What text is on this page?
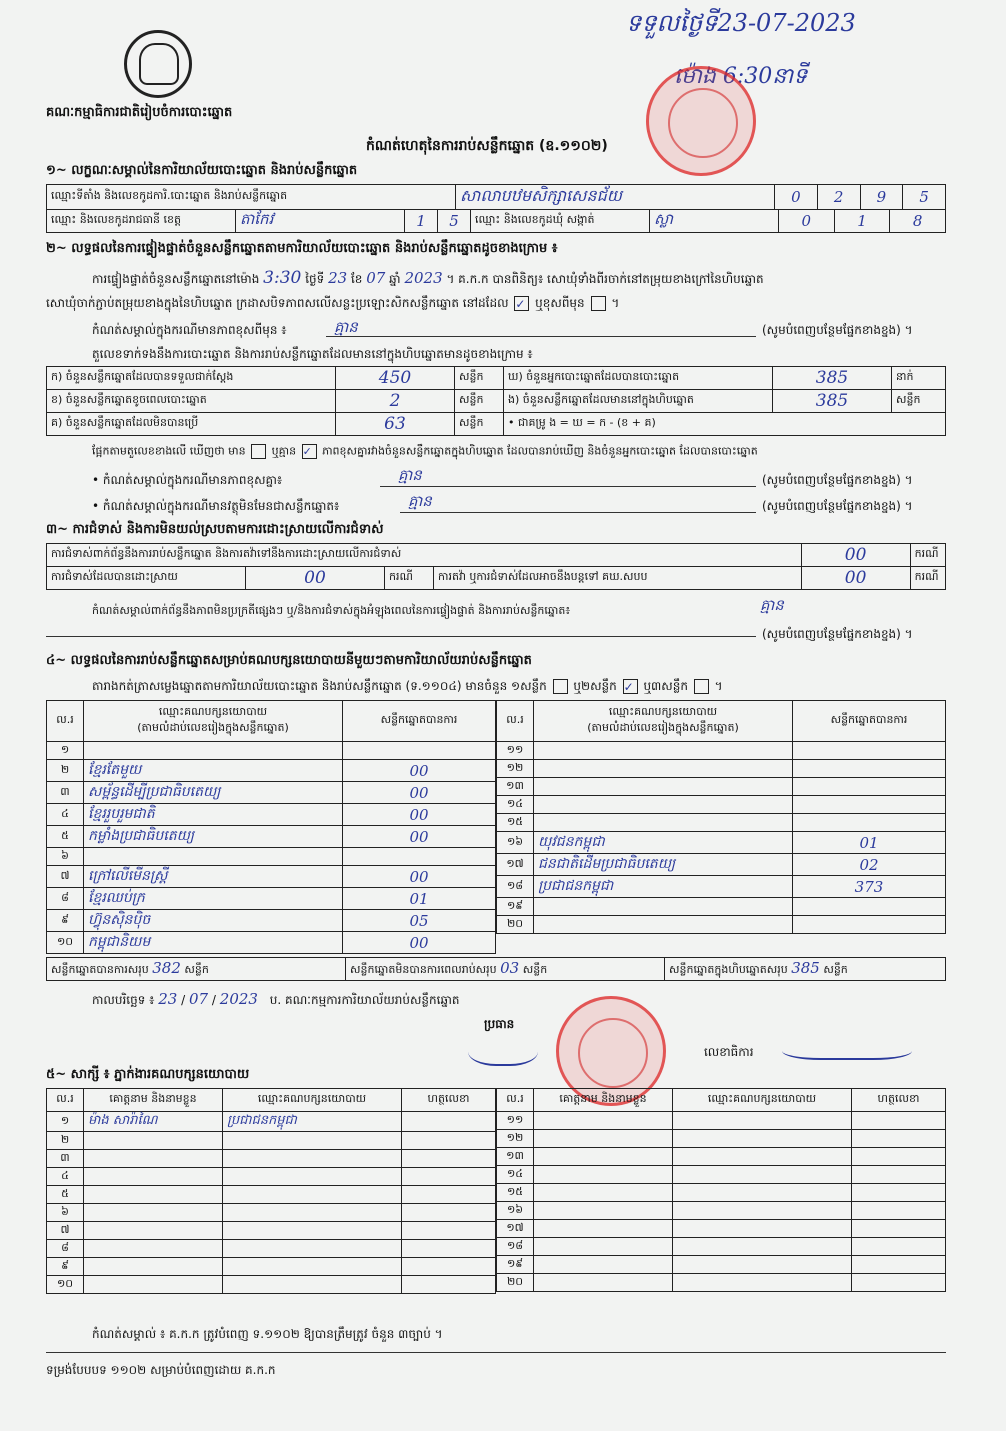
គណៈកម្មាធិការជាតិរៀបចំការបោះឆ្នោត
ទទួលថ្ងៃទី23-07-2023
ម៉ោង 6:30នាទី
កំណត់ហេតុនៃការរាប់សន្លឹកឆ្នោត (ឧ.១១០២)
១~ លក្ខណៈសម្គាល់នៃការិយាល័យបោះឆ្នោត និងរាប់សន្លឹកឆ្នោត
ឈ្មោះទីតាំង និងលេខកូដការិ.បោះឆ្នោត និងរាប់សន្លឹកឆ្នោត	សាលាបឋមសិក្សាសេនជ័យ	0	2	9	5
ឈ្មោះ និងលេខកូដរាជធានី ខេត្ត	តាកែវ	1	5	ឈ្មោះ និងលេខកូដឃុំ សង្កាត់	ស្លា	0	1	8
២~ លទ្ធផលនៃការផ្ទៀងផ្ទាត់ចំនួនសន្លឹកឆ្នោតតាមការិយាល័យបោះឆ្នោត និងរាប់សន្លឹកឆ្នោតដូចខាងក្រោម ៖
ការផ្ទៀងផ្ទាត់ចំនួនសន្លឹកឆ្នោតនៅម៉ោង 3:30 ថ្ងៃទី 23 ខែ 07 ឆ្នាំ 2023 ។ គ.ក.ក បានពិនិត្យ៖ សោឃុំទាំងពីរចាក់នៅតម្រុយខាងក្រៅនៃហិបឆ្នោត
សោឃុំចាក់ភ្ជាប់តម្រុយខាងក្នុងនៃហិបឆ្នោត ក្រដាសបិទភាពសលើសន្លះប្រឡោះសិកសន្លឹកឆ្នោត នៅដដែល ✓ ឬខុសពីមុន  ។
កំណត់សម្គាល់ក្នុងករណីមានភាពខុសពីមុន ៖	គ្មាន	(សូមបំពេញបន្ថែមផ្នែកខាងខ្នង) ។
តួលេខទាក់ទងនឹងការបោះឆ្នោត និងការរាប់សន្លឹកឆ្នោតដែលមាននៅក្នុងហិបឆ្នោតមានដូចខាងក្រោម ៖
ក) ចំនួនសន្លឹកឆ្នោតដែលបានទទួលជាក់ស្តែង	450	សន្លឹក	ឃ) ចំនួនអ្នកបោះឆ្នោតដែលបានបោះឆ្នោត	385	នាក់
ខ) ចំនួនសន្លឹកឆ្នោតខូចពេលបោះឆ្នោត	2	សន្លឹក	ង) ចំនួនសន្លឹកឆ្នោតដែលមាននៅក្នុងហិបឆ្នោត	385	សន្លឹក
គ) ចំនួនសន្លឹកឆ្នោតដែលមិនបានប្រើ	63	សន្លឹក	• ជាគម្រូ ង = ឃ = ក - (ខ + គ)		
ផ្អែកតាមតួលេខខាងលើ ឃើញថា មាន ឬគ្មាន ✓ ភាពខុសគ្នារវាងចំនួនសន្លឹកឆ្នោតក្នុងហិបឆ្នោត ដែលបានរាប់ឃើញ និងចំនួនអ្នកបោះឆ្នោត ដែលបានបោះឆ្នោត
• កំណត់សម្គាល់ក្នុងករណីមានភាពខុសគ្នា៖	គ្មាន	(សូមបំពេញបន្ថែមផ្នែកខាងខ្នង) ។
• កំណត់សម្គាល់ក្នុងករណីមានវត្ថុមិនមែនជាសន្លឹកឆ្នោត៖	គ្មាន	(សូមបំពេញបន្ថែមផ្នែកខាងខ្នង) ។
៣~ ការជំទាស់ និងការមិនយល់ស្របតាមការដោះស្រាយលើការជំទាស់
ការជំទាស់ពាក់ព័ន្ធនឹងការរាប់សន្លឹកឆ្នោត និងការតវ៉ាទៅនឹងការដោះស្រាយលើការជំទាស់				00	ករណី
ការជំទាស់ដែលបានដោះស្រាយ	00	ករណី	ការតវ៉ា ឬការជំទាស់ដែលអាចនឹងបន្តទៅ គឃ.សបប	00	ករណី
កំណត់សម្គាល់ពាក់ព័ន្ធនឹងភាពមិនប្រក្រតីផ្សេងៗ ឬ/និងការជំទាស់ក្នុងអំឡុងពេលនៃការផ្ទៀងផ្ទាត់ និងការរាប់សន្លឹកឆ្នោត៖	គ្មាន
(សូមបំពេញបន្ថែមផ្នែកខាងខ្នង) ។
៤~ លទ្ធផលនៃការរាប់សន្លឹកឆ្នោតសម្រាប់គណបក្សនយោបាយនីមួយៗតាមការិយាល័យរាប់សន្លឹកឆ្នោត
តារាងកត់ត្រាសម្លេងឆ្នោតតាមការិយាល័យបោះឆ្នោត និងរាប់សន្លឹកឆ្នោត (ទ.១១០៤) មានចំនួន ១សន្លឹក ឬ២សន្លឹក ✓ ឬ៣សន្លឹក  ។
ល.រ	ឈ្មោះគណបក្សនយោបាយ
(តាមលំដាប់លេខរៀងក្នុងសន្លឹកឆ្នោត)	សន្លឹកឆ្នោតបានការ
១		
២	ខ្មែរតែមួយ	00
៣	សម្ព័ន្ធដើម្បីប្រជាធិបតេយ្យ	00
៤	ខ្មែររួបរួមជាតិ	00
៥	កម្លាំងប្រជាធិបតេយ្យ	00
៦		
៧	ក្រៅលើមើនស្ដ្រី	00
៨	ខ្មែរឈប់ក្រ	01
៩	ហ៊្វុនស៊ិនប៉ិច	05
១០	កម្ពុជានិយម	00
ល.រ	ឈ្មោះគណបក្សនយោបាយ
(តាមលំដាប់លេខរៀងក្នុងសន្លឹកឆ្នោត)	សន្លឹកឆ្នោតបានការ
១១		
១២		
១៣		
១៤		
១៥		
១៦	យុវជនកម្ពុជា	01
១៧	ជនជាតិដើមប្រជាធិបតេយ្យ	02
១៨	ប្រជាជនកម្ពុជា	373
១៩		
២០		
សន្លឹកឆ្នោតបានការសរុប 382 សន្លឹក	សន្លឹកឆ្នោតមិនបានការពេលរាប់សរុប 03 សន្លឹក	សន្លឹកឆ្នោតក្នុងហិបឆ្នោតសរុប 385 សន្លឹក
កាលបរិច្ឆេទ ៖ 23 / 07 / 2023 ប. គណៈកម្មការការិយាល័យរាប់សន្លឹកឆ្នោត
ប្រធាន
លេខាធិការ
៥~ សាក្សី ៖ ភ្នាក់ងារគណបក្សនយោបាយ
ល.រ	គោត្តនាម និងនាមខ្លួន	ឈ្មោះគណបក្សនយោបាយ	ហត្ថលេខា
១	ម៉ាង សារ៉ាណៃ	ប្រជាជនកម្ពុជា	
២			
៣			
៤			
៥			
៦			
៧			
៨			
៩			
១០			
ល.រ	គោត្តនាម និងនាមខ្លួន	ឈ្មោះគណបក្សនយោបាយ	ហត្ថលេខា
១១			
១២			
១៣			
១៤			
១៥			
១៦			
១៧			
១៨			
១៩			
២០			
កំណត់សម្គាល់ ៖ គ.ក.ក ត្រូវបំពេញ ទ.១១០២ ឱ្យបានត្រឹមត្រូវ ចំនួន ៣ច្បាប់ ។
ទម្រង់បែបបទ ១១០២ សម្រាប់បំពេញដោយ គ.ក.ក
